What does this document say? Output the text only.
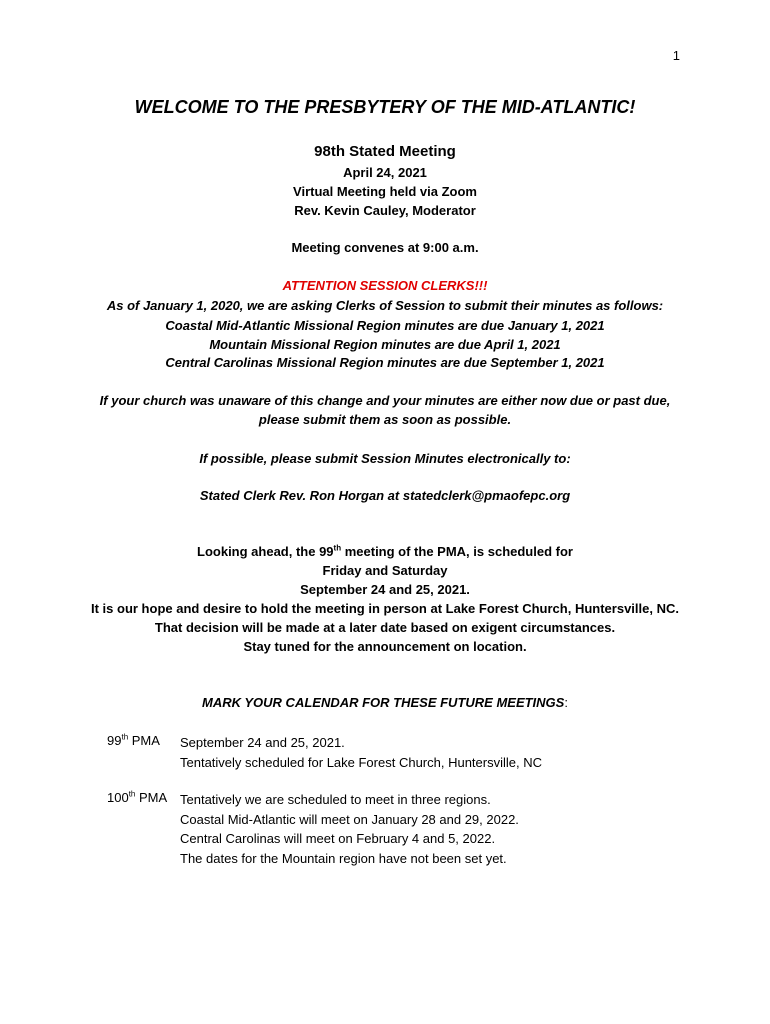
1
WELCOME TO THE PRESBYTERY OF THE MID-ATLANTIC!
98th Stated Meeting
April 24, 2021
Virtual Meeting held via Zoom
Rev. Kevin Cauley, Moderator
Meeting convenes at 9:00 a.m.
ATTENTION SESSION CLERKS!!!
As of January 1, 2020, we are asking Clerks of Session to submit their minutes as follows:
Coastal Mid-Atlantic Missional Region minutes are due January 1, 2021
Mountain Missional Region minutes are due April 1, 2021
Central Carolinas Missional Region minutes are due September 1, 2021
If your church was unaware of this change and your minutes are either now due or past due,
please submit them as soon as possible.
If possible, please submit Session Minutes electronically to:
Stated Clerk Rev. Ron Horgan at statedclerk@pmaofepc.org
Looking ahead, the 99th meeting of the PMA, is scheduled for
Friday and Saturday
September 24 and 25, 2021.
It is our hope and desire to hold the meeting in person at Lake Forest Church, Huntersville, NC.
That decision will be made at a later date based on exigent circumstances.
Stay tuned for the announcement on location.
MARK YOUR CALENDAR FOR THESE FUTURE MEETINGS:
99th PMA	September 24 and 25, 2021.
Tentatively scheduled for Lake Forest Church, Huntersville, NC
100th PMA Tentatively we are scheduled to meet in three regions.
Coastal Mid-Atlantic will meet on January 28 and 29, 2022.
Central Carolinas will meet on February 4 and 5, 2022.
The dates for the Mountain region have not been set yet.
